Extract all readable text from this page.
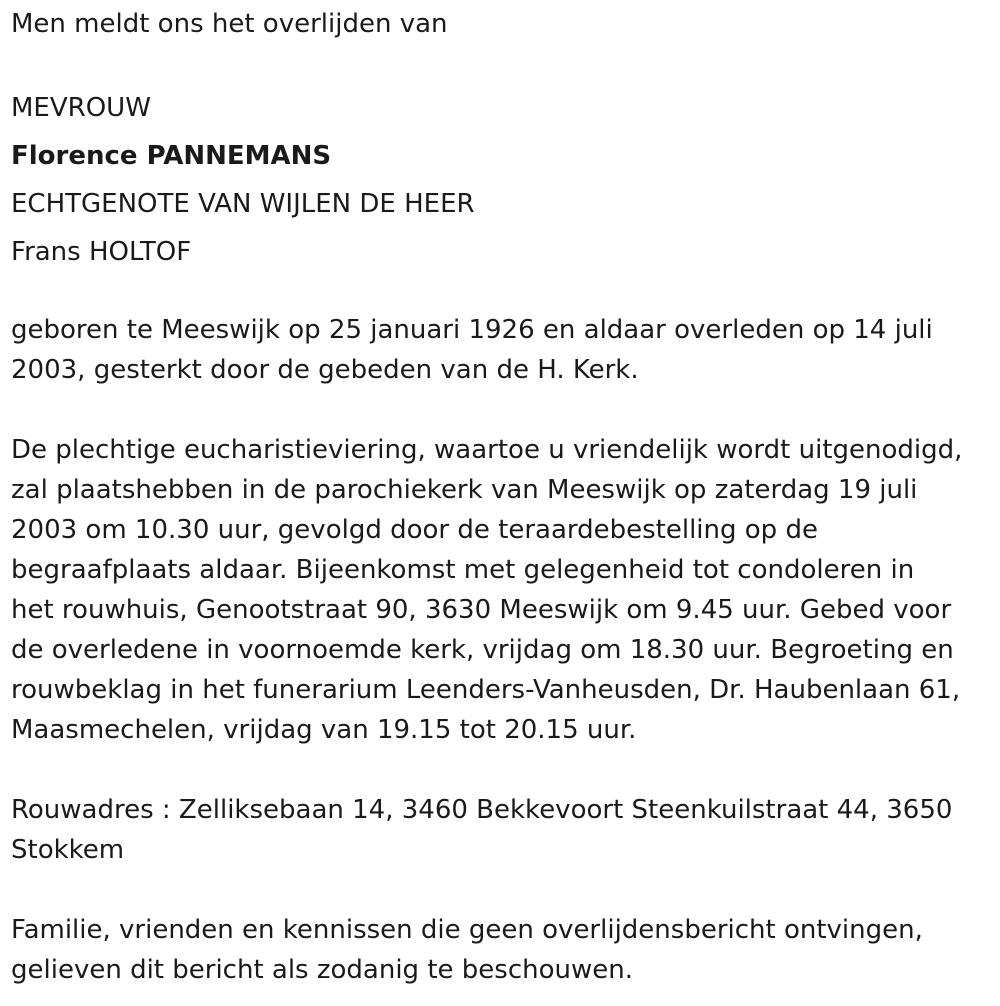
Men meldt ons het overlijden van

MEVROUW

Florence PANNEMANS

ECHTGENOTE VAN WIJLEN DE HEER

Frans HOLTOF

geboren te Meeswijk op 25 januari 1926 en aldaar overleden op 14 juli
2003, gesterkt door de gebeden van de H. Kerk.

De plechtige eucharistieviering, waartoe u vriendelijk wordt uitgenodigd,
zal plaatshebben in de parochiekerk van Meeswijk op zaterdag 19 juli
2003 om 10.30 uur, gevolgd door de teraardebestelling op de
begraafplaats aldaar. Bijeenkomst met gelegenheid tot condoleren in
het rouwhuis, Genootstraat 90, 3630 Meeswijk om 9.45 uur. Gebed voor
de overledene in voornoemde kerk, vrijdag om 18.30 uur. Begroeting en
rouwbeklag in het funerarium Leenders-Vanheusden, Dr. Haubenlaan 61,
Maasmechelen, vrijdag van 19.15 tot 20.15 uur.

Rouwadres : Zelliksebaan 14, 3460 Bekkevoort Steenkuilstraat 44, 3650
Stokkem

Familie, vrienden en kennissen die geen overlijdensbericht ontvingen,
gelieven dit bericht als zodanig te beschouwen.
